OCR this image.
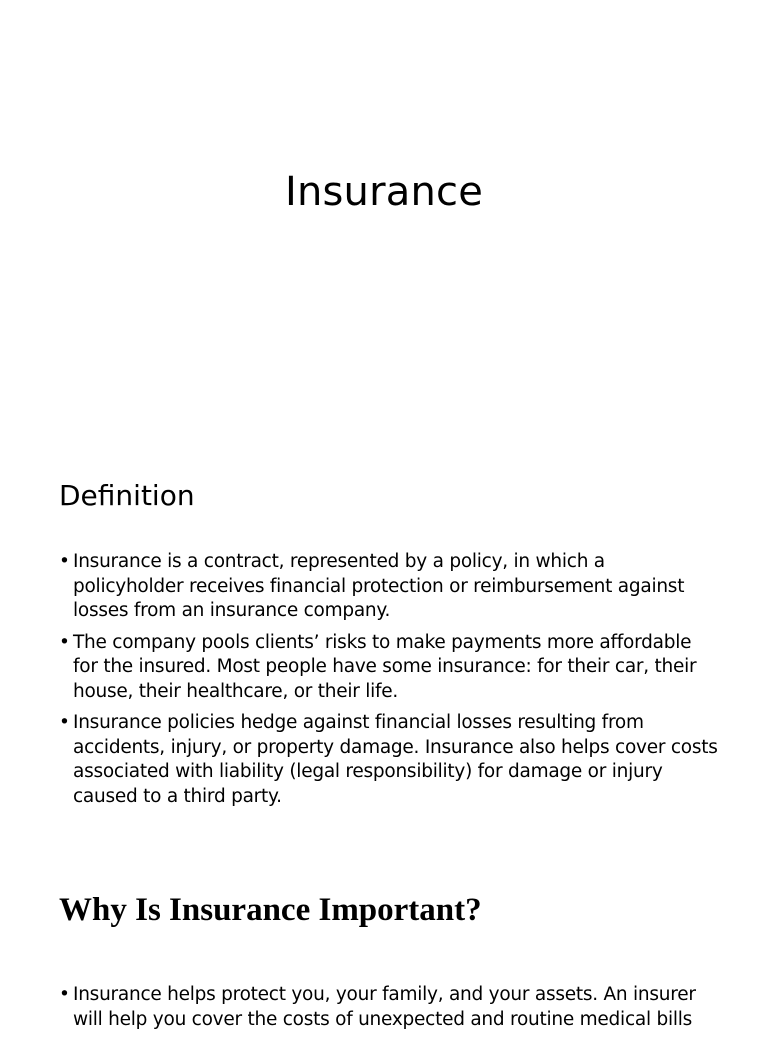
Insurance
Definition
• Insurance is a contract, represented by a policy, in which a policyholder receives financial protection or reimbursement against losses from an insurance company.
• The company pools clients’ risks to make payments more affordable for the insured. Most people have some insurance: for their car, their house, their healthcare, or their life.
• Insurance policies hedge against financial losses resulting from accidents, injury, or property damage. Insurance also helps cover costs associated with liability (legal responsibility) for damage or injury caused to a third party.
Why Is Insurance Important?
• Insurance helps protect you, your family, and your assets. An insurer will help you cover the costs of unexpected and routine medical bills
